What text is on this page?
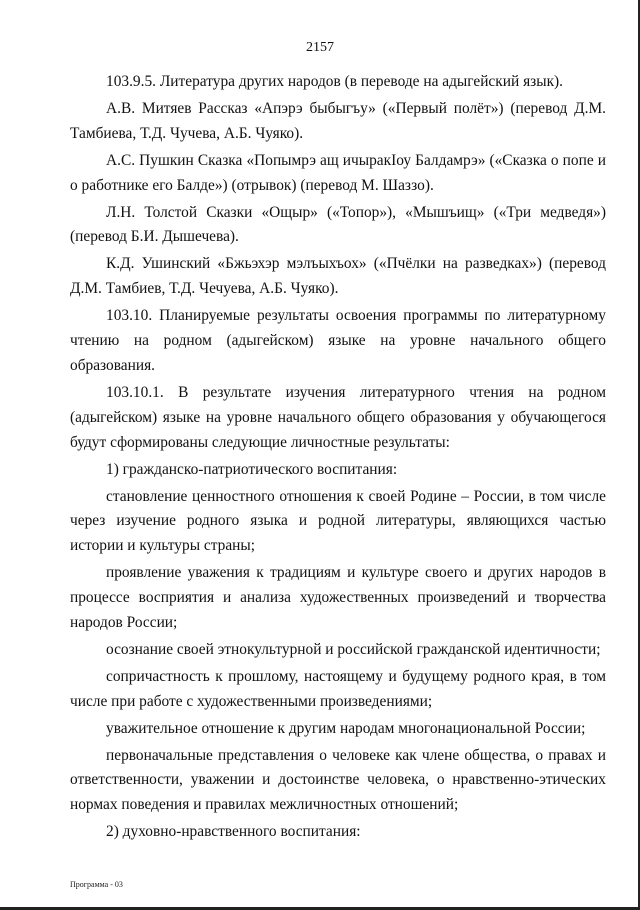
2157

103.9.5. Литература других народов (в переводе на адыгейский язык).

А.В. Митяев Рассказ «Апэрэ быбыгъу» («Первый полёт») (перевод Д.М. Тамбиева, Т.Д. Чучева, А.Б. Чуяко).

А.С. Пушкин Сказка «Попымрэ ащ ичыракIоу Балдамрэ» («Сказка о попе и о работнике его Балде») (отрывок) (перевод М. Шаззо).

Л.Н. Толстой Сказки «Ощыр» («Топор»), «Мышъищ» («Три медведя») (перевод Б.И. Дышечева).

К.Д. Ушинский «Бжьэхэр мэлъыхъох» («Пчёлки на разведках») (перевод Д.М. Тамбиев, Т.Д. Чечуева, А.Б. Чуяко).

103.10. Планируемые результаты освоения программы по литературному чтению на родном (адыгейском) языке на уровне начального общего образования.

103.10.1. В результате изучения литературного чтения на родном (адыгейском) языке на уровне начального общего образования у обучающегося будут сформированы следующие личностные результаты:

1) гражданско-патриотического воспитания:

становление ценностного отношения к своей Родине – России, в том числе через изучение родного языка и родной литературы, являющихся частью истории и культуры страны;

проявление уважения к традициям и культуре своего и других народов в процессе восприятия и анализа художественных произведений и творчества народов России;

осознание своей этнокультурной и российской гражданской идентичности;

сопричастность к прошлому, настоящему и будущему родного края, в том числе при работе с художественными произведениями;

уважительное отношение к другим народам многонациональной России;

первоначальные представления о человеке как члене общества, о правах и ответственности, уважении и достоинстве человека, о нравственно-этических нормах поведения и правилах межличностных отношений;

2) духовно-нравственного воспитания:

Программа - 03
